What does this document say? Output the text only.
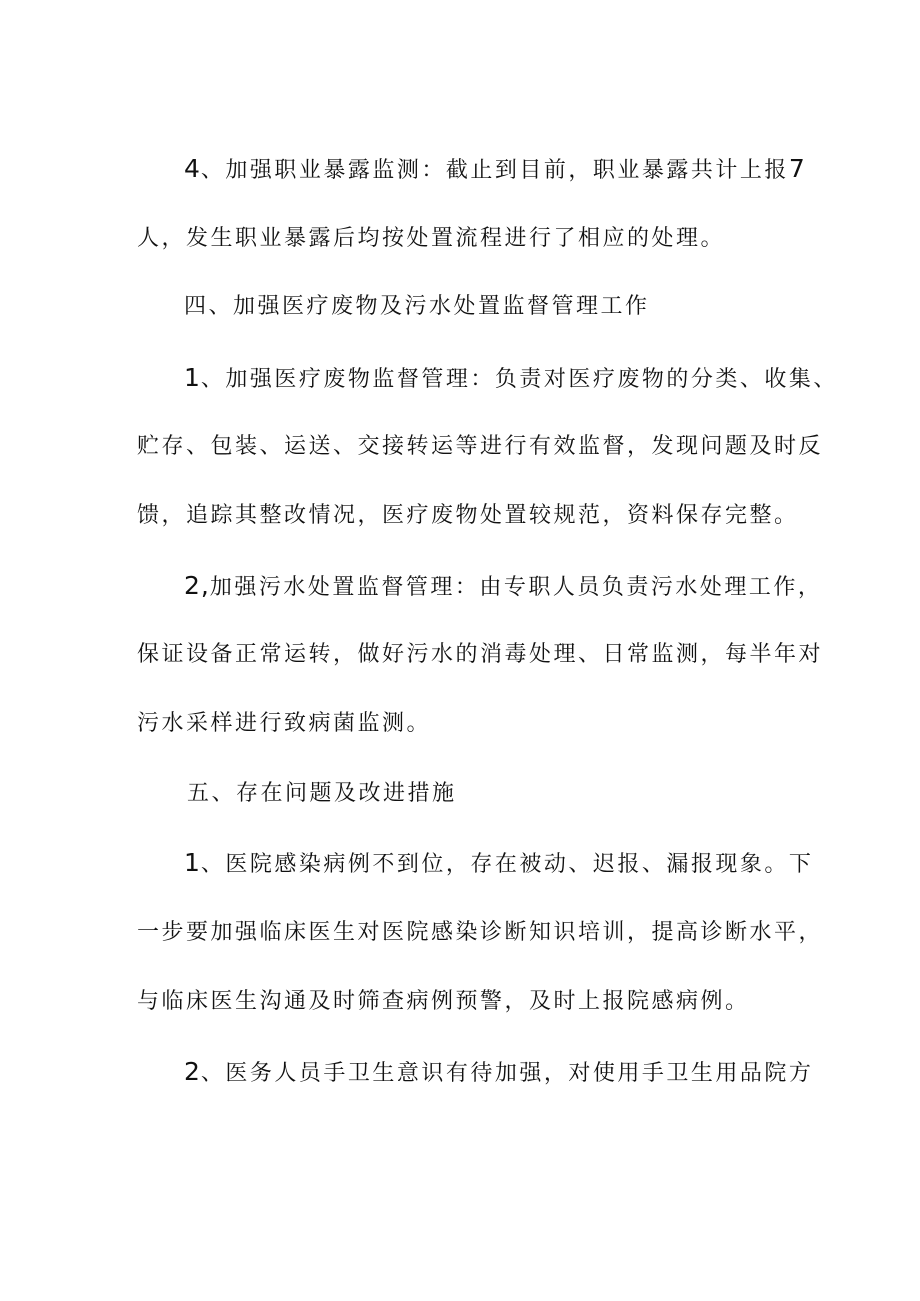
4、加强职业暴露监测：截止到目前，职业暴露共计上报7
人，发生职业暴露后均按处置流程进行了相应的处理。
四、加强医疗废物及污水处置监督管理工作
1、加强医疗废物监督管理：负责对医疗废物的分类、收集、
贮存、包装、运送、交接转运等进行有效监督，发现问题及时反
馈，追踪其整改情况，医疗废物处置较规范，资料保存完整。
2,加强污水处置监督管理：由专职人员负责污水处理工作，
保证设备正常运转，做好污水的消毒处理、日常监测，每半年对
污水采样进行致病菌监测。
五、存在问题及改进措施
1、医院感染病例不到位，存在被动、迟报、漏报现象。下
一步要加强临床医生对医院感染诊断知识培训，提高诊断水平，
与临床医生沟通及时筛查病例预警，及时上报院感病例。
2、医务人员手卫生意识有待加强，对使用手卫生用品院方
